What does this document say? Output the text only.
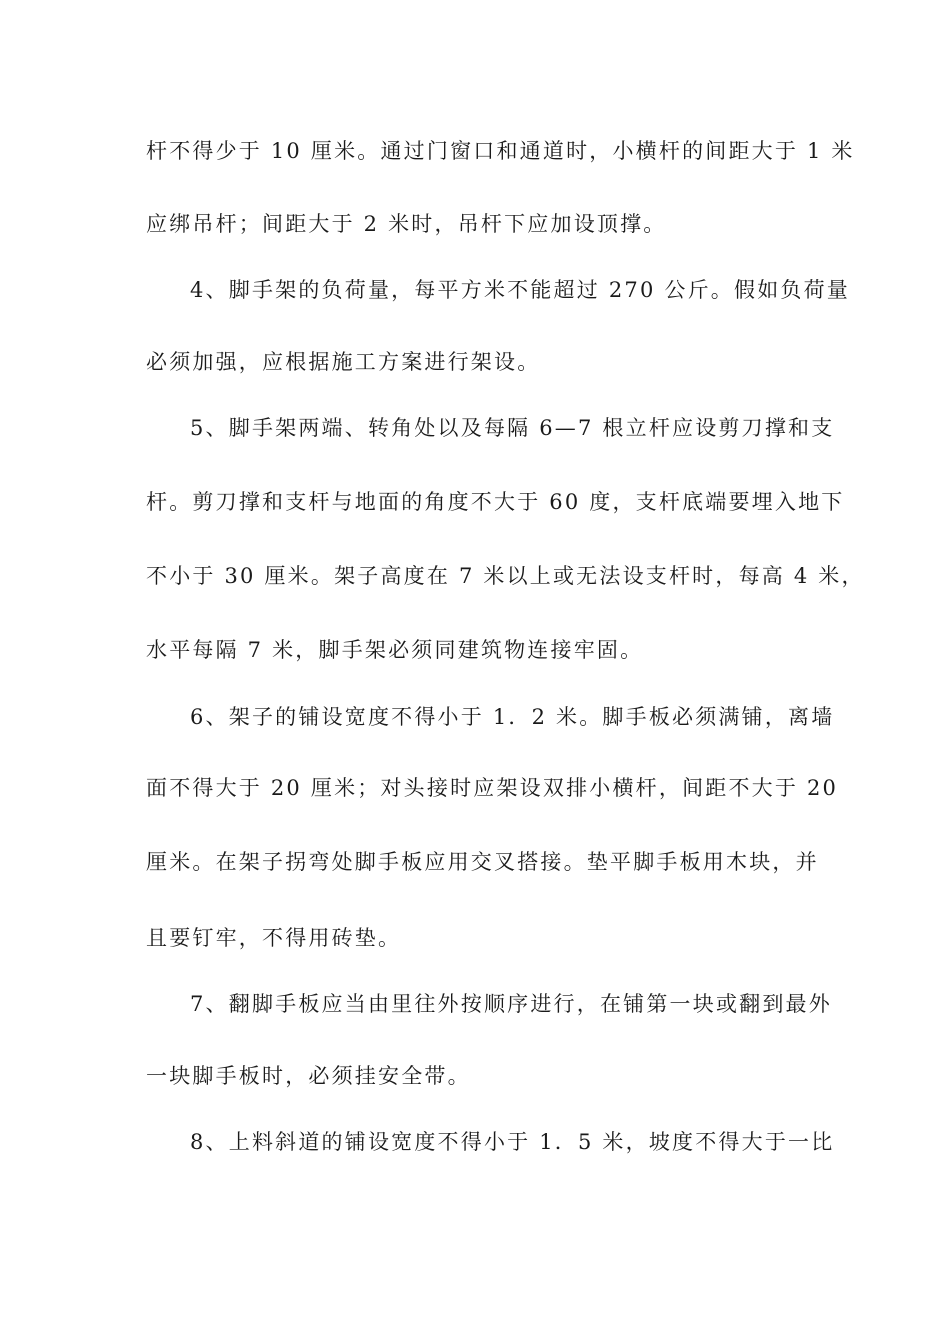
杆不得少于 10 厘米。通过门窗口和通道时，小横杆的间距大于 1 米
应绑吊杆；间距大于 2 米时，吊杆下应加设顶撑。
4、脚手架的负荷量，每平方米不能超过 270 公斤。假如负荷量
必须加强，应根据施工方案进行架设。
5、脚手架两端、转角处以及每隔 6—7 根立杆应设剪刀撑和支
杆。剪刀撑和支杆与地面的角度不大于 60 度，支杆底端要埋入地下
不小于 30 厘米。架子高度在 7 米以上或无法设支杆时，每高 4 米，
水平每隔 7 米，脚手架必须同建筑物连接牢固。
6、架子的铺设宽度不得小于 1．2 米。脚手板必须满铺，离墙
面不得大于 20 厘米；对头接时应架设双排小横杆，间距不大于 20
厘米。在架子拐弯处脚手板应用交叉搭接。垫平脚手板用木块，并
且要钉牢，不得用砖垫。
7、翻脚手板应当由里往外按顺序进行，在铺第一块或翻到最外
一块脚手板时，必须挂安全带。
8、上料斜道的铺设宽度不得小于 1．5 米，坡度不得大于一比
